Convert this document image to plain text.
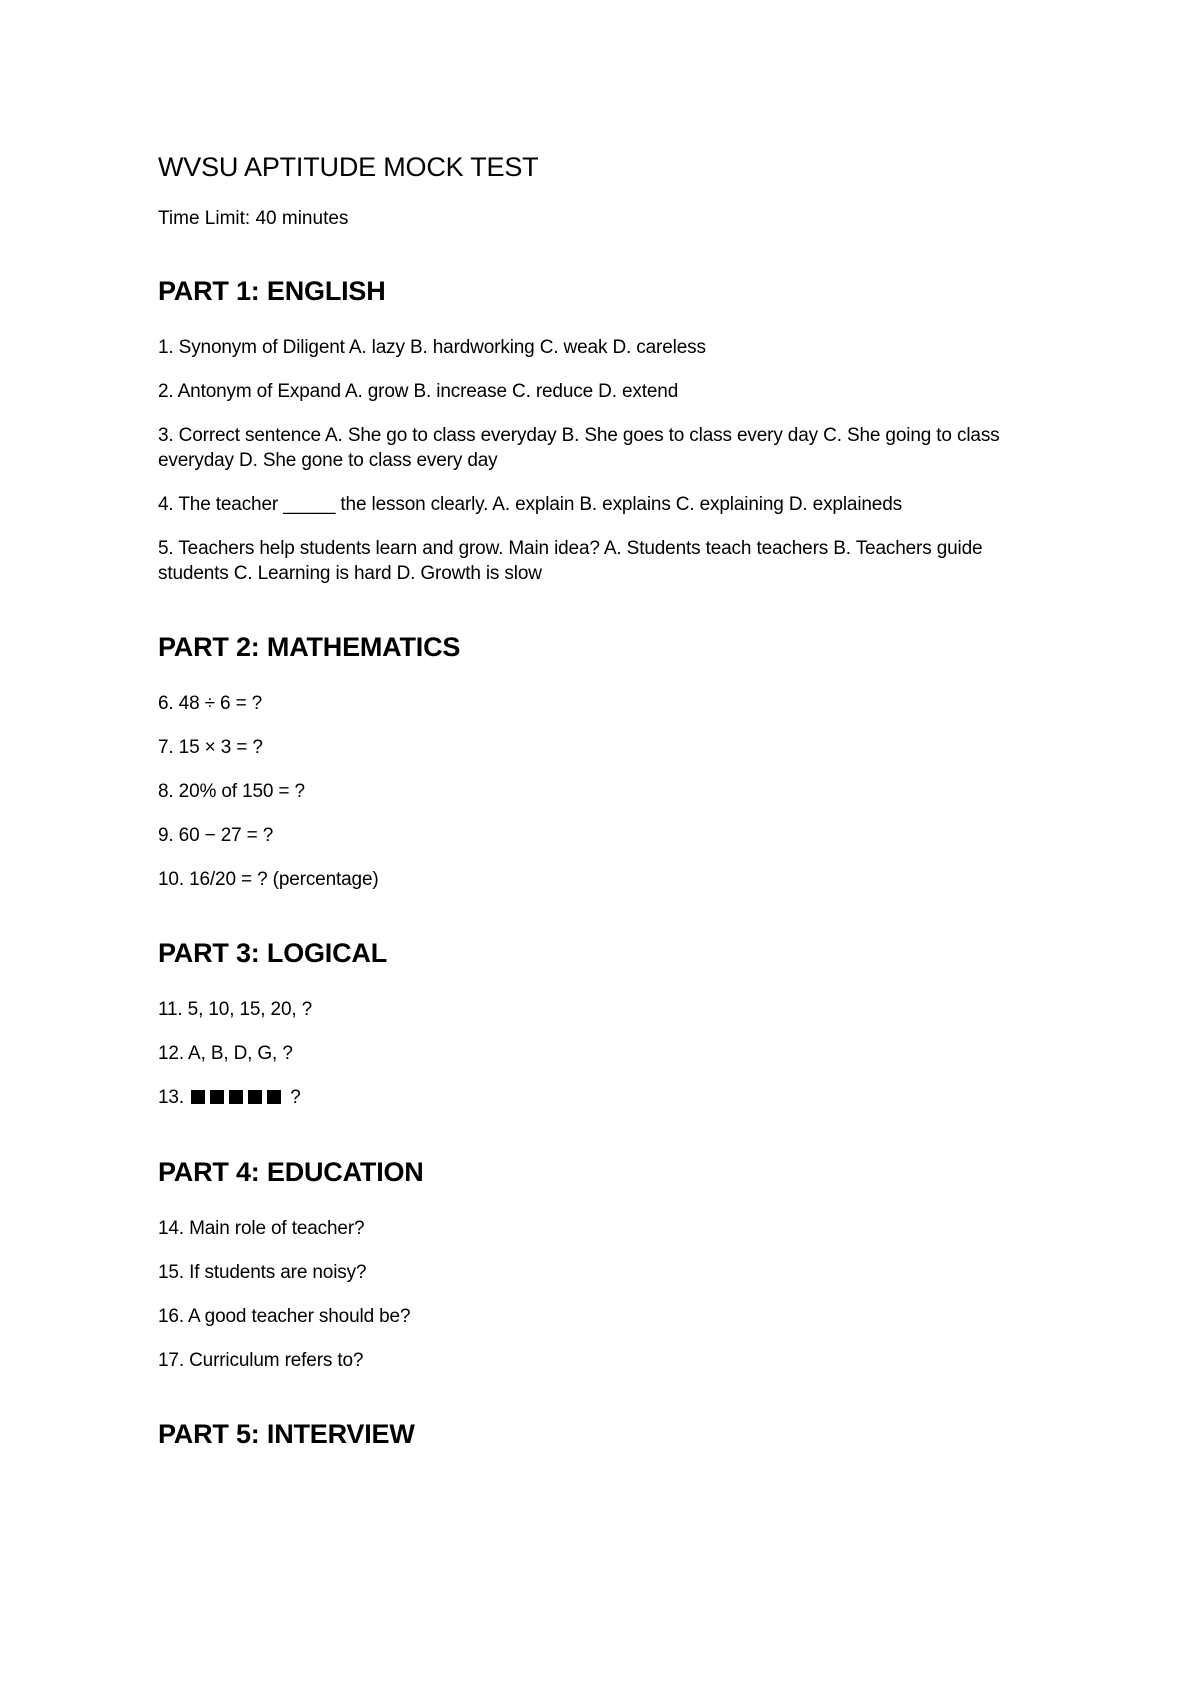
WVSU APTITUDE MOCK TEST
Time Limit: 40 minutes
PART 1: ENGLISH

1. Synonym of Diligent A. lazy B. hardworking C. weak D. careless

2. Antonym of Expand A. grow B. increase C. reduce D. extend

3. Correct sentence A. She go to class everyday B. She goes to class every day C. She going to class everyday D. She gone to class every day

4. The teacher _____ the lesson clearly. A. explain B. explains C. explaining D. explaineds

5. Teachers help students learn and grow. Main idea? A. Students teach teachers B. Teachers guide students C. Learning is hard D. Growth is slow

PART 2: MATHEMATICS

6. 48 ÷ 6 = ?

7. 15 × 3 = ?

8. 20% of 150 = ?

9. 60 − 27 = ?

10. 16/20 = ? (percentage)

PART 3: LOGICAL

11. 5, 10, 15, 20, ?

12. A, B, D, G, ?

13.	?

PART 4: EDUCATION

14. Main role of teacher?

15. If students are noisy?

16. A good teacher should be?

17. Curriculum refers to?

PART 5: INTERVIEW
